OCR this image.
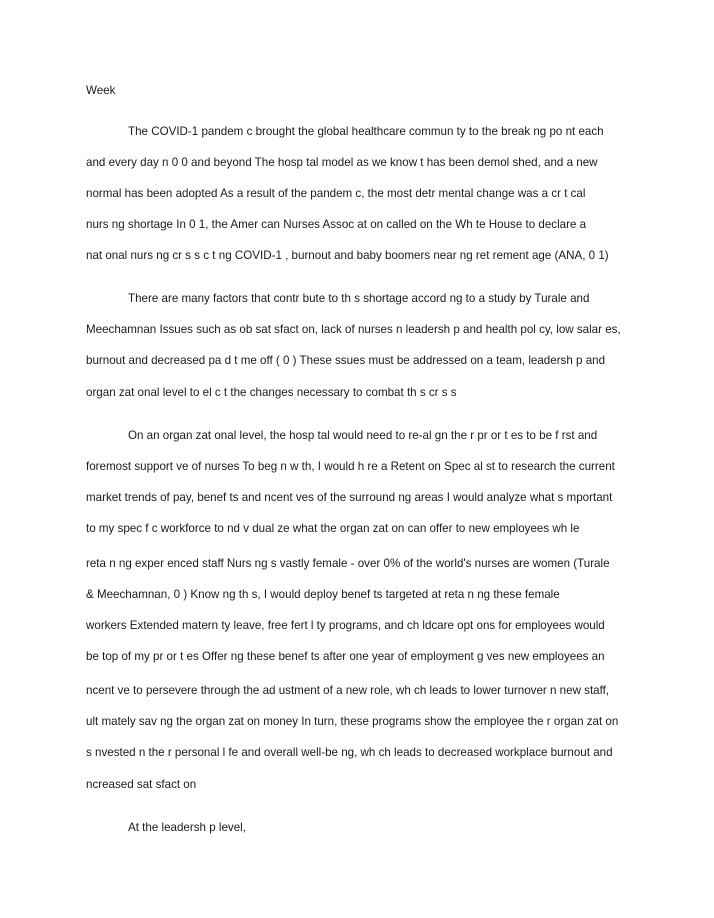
Week

The COVID-1 pandem c brought the global healthcare commun ty to the break ng po nt each

and every day n 0 0 and beyond The hosp tal model as we know t has been demol shed, and a new

normal has been adopted As a result of the pandem c, the most detr mental change was a cr t cal

nurs ng shortage In 0 1, the Amer can Nurses Assoc at on called on the Wh te House to declare a

nat onal nurs ng cr s s c t ng COVID-1 , burnout and baby boomers near ng ret rement age (ANA, 0 1)

There are many factors that contr bute to th s shortage accord ng to a study by Turale and

Meechamnan Issues such as ob sat sfact on, lack of nurses n leadersh p and health pol cy, low salar es,

burnout and decreased pa d t me off ( 0 ) These ssues must be addressed on a team, leadersh p and

organ zat onal level to el c t the changes necessary to combat th s cr s s

On an organ zat onal level, the hosp tal would need to re-al gn the r pr or t es to be f rst and

foremost support ve of nurses To beg n w th, I would h re a Retent on Spec al st to research the current

market trends of pay, benef ts and ncent ves of the surround ng areas I would analyze what s mportant

to my spec f c workforce to nd v dual ze what the organ zat on can offer to new employees wh le

reta n ng exper enced staff Nurs ng s vastly female - over 0% of the world's nurses are women (Turale

& Meechamnan, 0 ) Know ng th s, I would deploy benef ts targeted at reta n ng these female

workers Extended matern ty leave, free fert l ty programs, and ch ldcare opt ons for employees would

be top of my pr or t es Offer ng these benef ts after one year of employment g ves new employees an

ncent ve to persevere through the ad ustment of a new role, wh ch leads to lower turnover n new staff,

ult mately sav ng the organ zat on money In turn, these programs show the employee the r organ zat on

s nvested n the r personal l fe and overall well-be ng, wh ch leads to decreased workplace burnout and

ncreased sat sfact on

At the leadersh p level,
